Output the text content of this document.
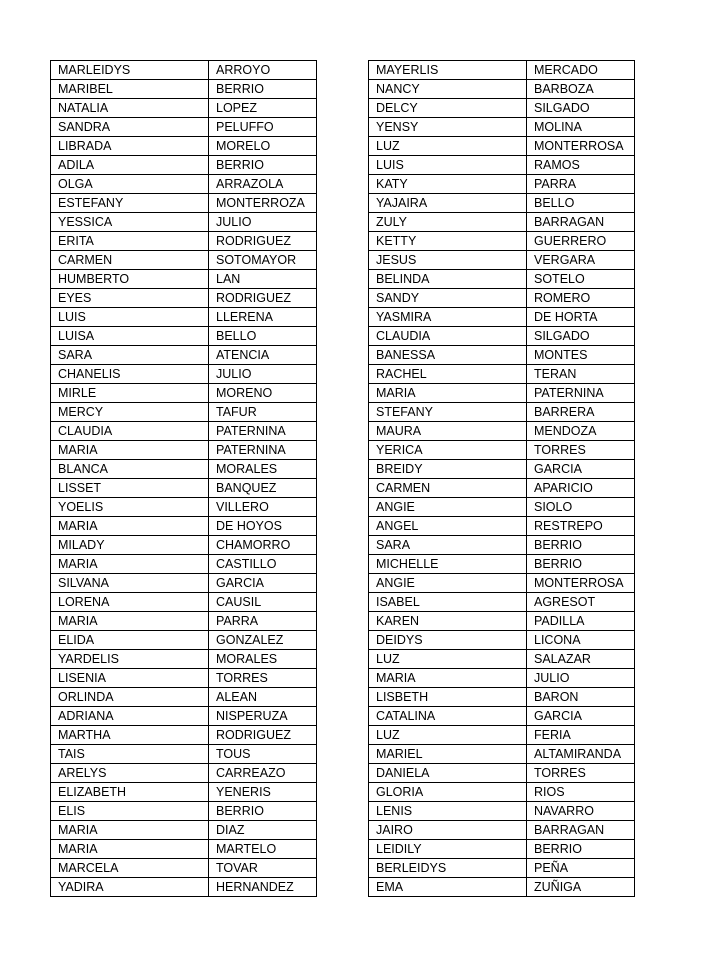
MARLEIDYS	ARROYO
MARIBEL	BERRIO
NATALIA	LOPEZ
SANDRA	PELUFFO
LIBRADA	MORELO
ADILA	BERRIO
OLGA	ARRAZOLA
ESTEFANY	MONTERROZA
YESSICA	JULIO
ERITA	RODRIGUEZ
CARMEN	SOTOMAYOR
HUMBERTO	LAN
EYES	RODRIGUEZ
LUIS	LLERENA
LUISA	BELLO
SARA	ATENCIA
CHANELIS	JULIO
MIRLE	MORENO
MERCY	TAFUR
CLAUDIA	PATERNINA
MARIA	PATERNINA
BLANCA	MORALES
LISSET	BANQUEZ
YOELIS	VILLERO
MARIA	DE HOYOS
MILADY	CHAMORRO
MARIA	CASTILLO
SILVANA	GARCIA
LORENA	CAUSIL
MARIA	PARRA
ELIDA	GONZALEZ
YARDELIS	MORALES
LISENIA	TORRES
ORLINDA	ALEAN
ADRIANA	NISPERUZA
MARTHA	RODRIGUEZ
TAIS	TOUS
ARELYS	CARREAZO
ELIZABETH	YENERIS
ELIS	BERRIO
MARIA	DIAZ
MARIA	MARTELO
MARCELA	TOVAR
YADIRA	HERNANDEZ
MAYERLIS	MERCADO
NANCY	BARBOZA
DELCY	SILGADO
YENSY	MOLINA
LUZ	MONTERROSA
LUIS	RAMOS
KATY	PARRA
YAJAIRA	BELLO
ZULY	BARRAGAN
KETTY	GUERRERO
JESUS	VERGARA
BELINDA	SOTELO
SANDY	ROMERO
YASMIRA	DE HORTA
CLAUDIA	SILGADO
BANESSA	MONTES
RACHEL	TERAN
MARIA	PATERNINA
STEFANY	BARRERA
MAURA	MENDOZA
YERICA	TORRES
BREIDY	GARCIA
CARMEN	APARICIO
ANGIE	SIOLO
ANGEL	RESTREPO
SARA	BERRIO
MICHELLE	BERRIO
ANGIE	MONTERROSA
ISABEL	AGRESOT
KAREN	PADILLA
DEIDYS	LICONA
LUZ	SALAZAR
MARIA	JULIO
LISBETH	BARON
CATALINA	GARCIA
LUZ	FERIA
MARIEL	ALTAMIRANDA
DANIELA	TORRES
GLORIA	RIOS
LENIS	NAVARRO
JAIRO	BARRAGAN
LEIDILY	BERRIO
BERLEIDYS	PEÑA
EMA	ZUÑIGA
